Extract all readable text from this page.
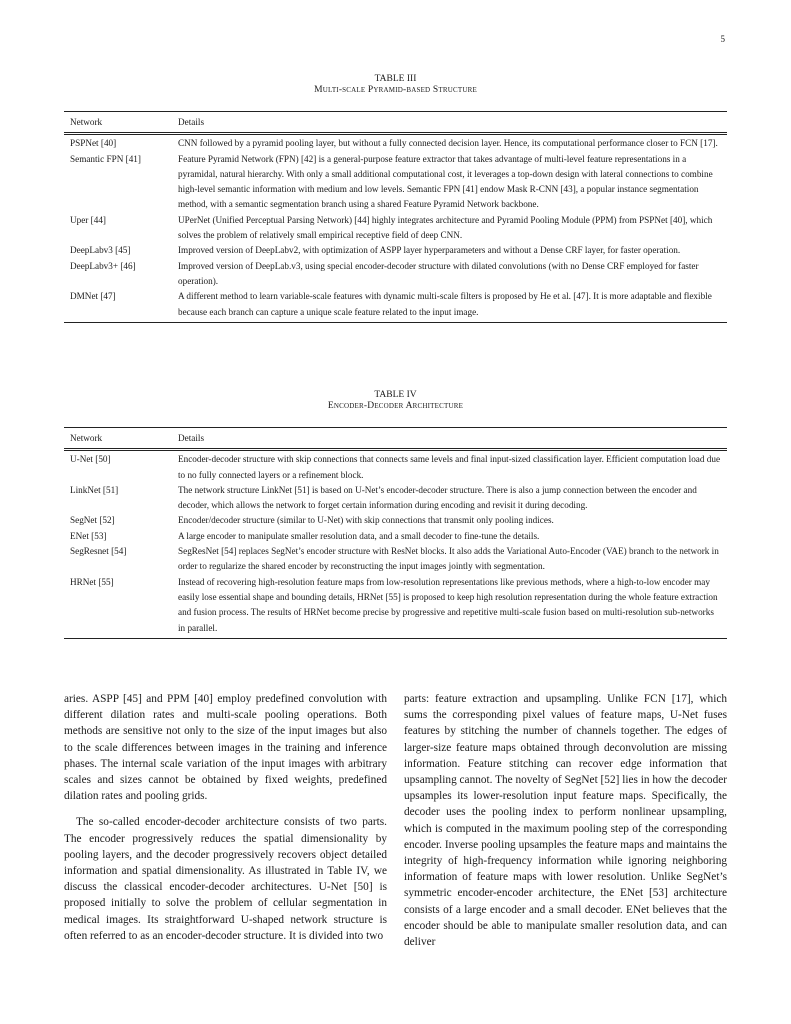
5
TABLE III
Multi-scale Pyramid-based Structure
Network	Details
PSPNet [40]	CNN followed by a pyramid pooling layer, but without a fully connected decision layer. Hence, its computational performance closer to FCN [17].
Semantic FPN [41]	Feature Pyramid Network (FPN) [42] is a general-purpose feature extractor that takes advantage of multi-level feature representations in a pyramidal, natural hierarchy. With only a small additional computational cost, it leverages a top-down design with lateral connections to combine high-level semantic information with medium and low levels. Semantic FPN [41] endow Mask R-CNN [43], a popular instance segmentation method, with a semantic segmentation branch using a shared Feature Pyramid Network backbone.
Uper [44]	UPerNet (Unified Perceptual Parsing Network) [44] highly integrates architecture and Pyramid Pooling Module (PPM) from PSPNet [40], which solves the problem of relatively small empirical receptive field of deep CNN.
DeepLabv3 [45]	Improved version of DeepLabv2, with optimization of ASPP layer hyperparameters and without a Dense CRF layer, for faster operation.
DeepLabv3+ [46]	Improved version of DeepLab.v3, using special encoder-decoder structure with dilated convolutions (with no Dense CRF employed for faster operation).
DMNet [47]	A different method to learn variable-scale features with dynamic multi-scale filters is proposed by He et al. [47]. It is more adaptable and flexible because each branch can capture a unique scale feature related to the input image.
TABLE IV
Encoder-Decoder Architecture
Network	Details
U-Net [50]	Encoder-decoder structure with skip connections that connects same levels and final input-sized classification layer. Efficient computation load due to no fully connected layers or a refinement block.
LinkNet [51]	The network structure LinkNet [51] is based on U-Net’s encoder-decoder structure. There is also a jump connection between the encoder and decoder, which allows the network to forget certain information during encoding and revisit it during decoding.
SegNet [52]	Encoder/decoder structure (similar to U-Net) with skip connections that transmit only pooling indices.
ENet [53]	A large encoder to manipulate smaller resolution data, and a small decoder to fine-tune the details.
SegResnet [54]	SegResNet [54] replaces SegNet’s encoder structure with ResNet blocks. It also adds the Variational Auto-Encoder (VAE) branch to the network in order to regularize the shared encoder by reconstructing the input images jointly with segmentation.
HRNet [55]	Instead of recovering high-resolution feature maps from low-resolution representations like previous methods, where a high-to-low encoder may easily lose essential shape and bounding details, HRNet [55] is proposed to keep high resolution representation during the whole feature extraction and fusion process. The results of HRNet become precise by progressive and repetitive multi-scale fusion based on multi-resolution sub-networks in parallel.

aries. ASPP [45] and PPM [40] employ predefined convolution with different dilation rates and multi-scale pooling operations. Both methods are sensitive not only to the size of the input images but also to the scale differences between images in the training and inference phases. The internal scale variation of the input images with arbitrary scales and sizes cannot be obtained by fixed weights, predefined dilation rates and pooling grids.

The so-called encoder-decoder architecture consists of two parts. The encoder progressively reduces the spatial dimensionality by pooling layers, and the decoder progressively recovers object detailed information and spatial dimensionality. As illustrated in Table IV, we discuss the classical encoder-decoder architectures. U-Net [50] is proposed initially to solve the problem of cellular segmentation in medical images. Its straightforward U-shaped network structure is often referred to as an encoder-decoder structure. It is divided into two

parts: feature extraction and upsampling. Unlike FCN [17], which sums the corresponding pixel values of feature maps, U-Net fuses features by stitching the number of channels together. The edges of larger-size feature maps obtained through deconvolution are missing information. Feature stitching can recover edge information that upsampling cannot. The novelty of SegNet [52] lies in how the decoder upsamples its lower-resolution input feature maps. Specifically, the decoder uses the pooling index to perform nonlinear upsampling, which is computed in the maximum pooling step of the corresponding encoder. Inverse pooling upsamples the feature maps and maintains the integrity of high-frequency information while ignoring neighboring information of feature maps with lower resolution. Unlike SegNet’s symmetric encoder-encoder architecture, the ENet [53] architecture consists of a large encoder and a small decoder. ENet believes that the encoder should be able to manipulate smaller resolution data, and can deliver
